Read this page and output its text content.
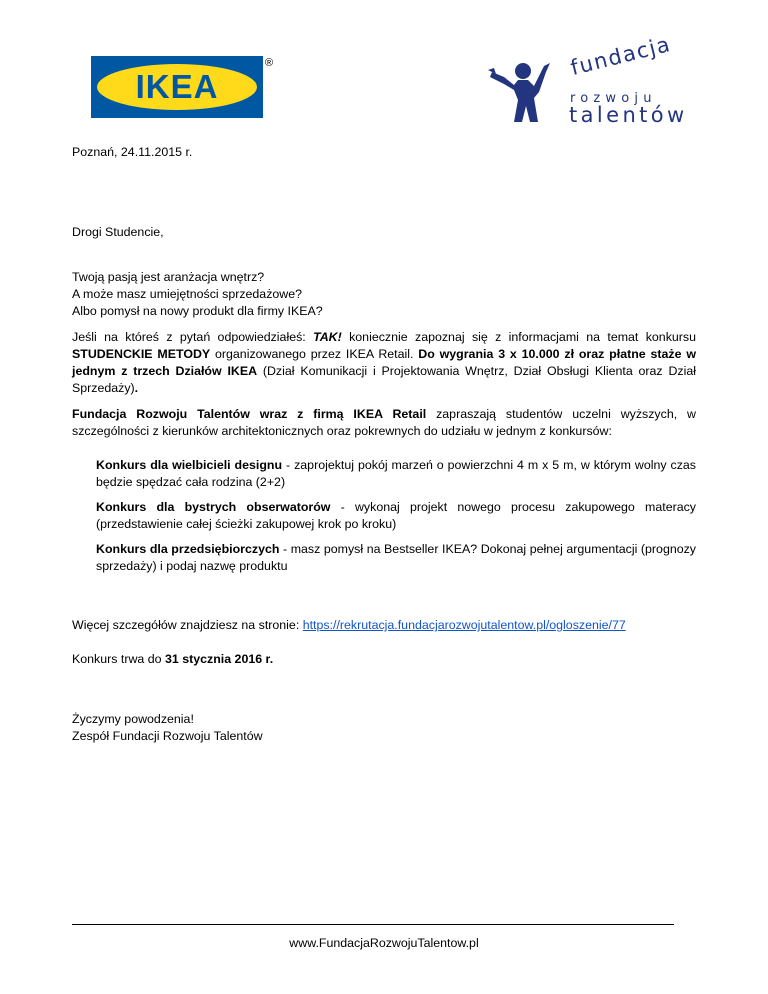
IKEA
®	fundacja
rozwoju
talentów

Poznań, 24.11.2015 r.

Drogi Studencie,

Twoją pasją jest aranżacja wnętrz?

A może masz umiejętności sprzedażowe?

Albo pomysł na nowy produkt dla firmy IKEA?

Jeśli na któreś z pytań odpowiedziałeś: TAK! koniecznie zapoznaj się z informacjami na temat konkursu STUDENCKIE METODY organizowanego przez IKEA Retail. Do wygrania 3 x 10.000 zł oraz płatne staże w jednym z trzech Działów IKEA (Dział Komunikacji i Projektowania Wnętrz, Dział Obsługi Klienta oraz Dział Sprzedaży).

Fundacja Rozwoju Talentów wraz z firmą IKEA Retail zapraszają studentów uczelni wyższych, w szczególności z kierunków architektonicznych oraz pokrewnych do udziału w jednym z konkursów:

Konkurs dla wielbicieli designu - zaprojektuj pokój marzeń o powierzchni 4 m x 5 m, w którym wolny czas będzie spędzać cała rodzina (2+2)

Konkurs dla bystrych obserwatorów - wykonaj projekt nowego procesu zakupowego materacy (przedstawienie całej ścieżki zakupowej krok po kroku)

Konkurs dla przedsiębiorczych - masz pomysł na Bestseller IKEA? Dokonaj pełnej argumentacji (prognozy sprzedaży) i podaj nazwę produktu

Więcej szczegółów znajdziesz na stronie: https://rekrutacja.fundacjarozwojutalentow.pl/ogloszenie/77

Konkurs trwa do 31 stycznia 2016 r.

Życzymy powodzenia!

Zespół Fundacji Rozwoju Talentów

www.FundacjaRozwojuTalentow.pl
